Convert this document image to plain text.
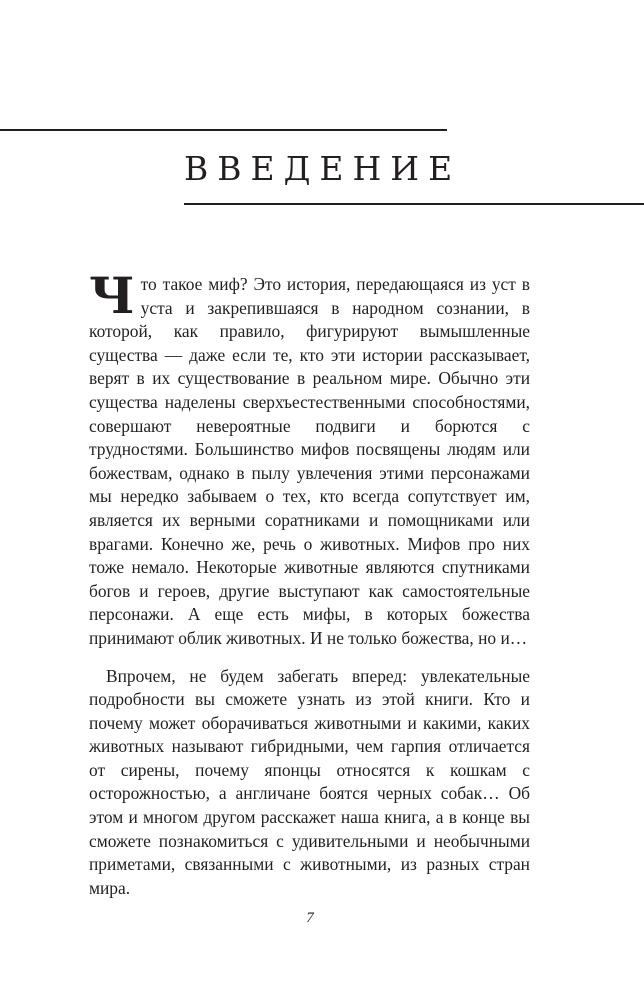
ВВЕДЕНИЕ

Что такое миф? Это история, передающаяся из уст в уста и закрепившаяся в народном сознании, в которой, как правило, фигурируют вымышленные существа — даже если те, кто эти истории рассказывает, верят в их существование в реальном мире. Обычно эти существа наделены сверхъестественными способностями, совершают невероятные подвиги и борются с трудностями. Большинство мифов посвящены людям или божествам, однако в пылу увлечения этими персонажами мы нередко забываем о тех, кто всегда сопутствует им, является их верными соратниками и помощниками или врагами. Конечно же, речь о животных. Мифов про них тоже немало. Некоторые животные являются спутниками богов и героев, другие выступают как самостоятельные персонажи. А еще есть мифы, в которых божества принимают облик животных. И не только божества, но и…

Впрочем, не будем забегать вперед: увлекательные подробности вы сможете узнать из этой книги. Кто и почему может оборачиваться животными и какими, каких животных называют гибридными, чем гарпия отличается от сирены, почему японцы относятся к кошкам с осторожностью, а англичане боятся черных собак… Об этом и многом другом расскажет наша книга, а в конце вы сможете познакомиться с удивительными и необычными приметами, связанными с животными, из разных стран мира.

7
